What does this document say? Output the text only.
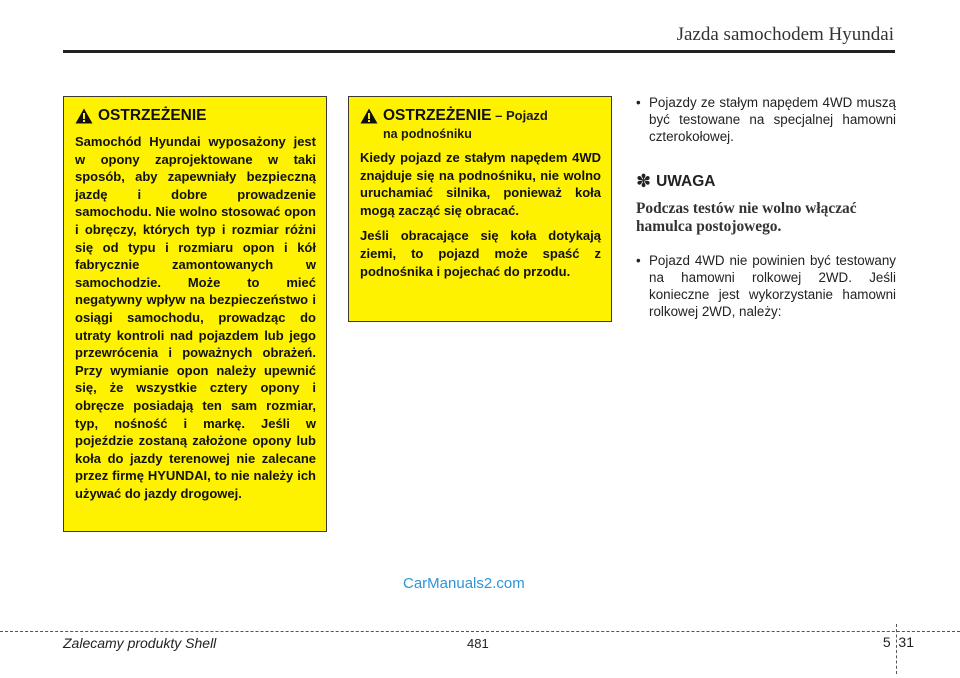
Jazda samochodem Hyundai
OSTRZEŻENIE

Samochód Hyundai wyposażony jest w opony zaprojektowane w taki sposób, aby zapewniały bezpieczną jazdę i dobre prowadzenie samochodu. Nie wolno stosować opon i obręczy, których typ i rozmiar różni się od typu i rozmiaru opon i kół fabrycznie zamontowanych w samochodzie. Może to mieć negatywny wpływ na bezpieczeństwo i osiągi samochodu, prowadząc do utraty kontroli nad pojazdem lub jego przewrócenia i poważnych obrażeń. Przy wymianie opon należy upewnić się, że wszystkie cztery opony i obręcze posiadają ten sam rozmiar, typ, nośność i markę. Jeśli w pojeździe zostaną założone opony lub koła do jazdy terenowej nie zalecane przez firmę HYUNDAI, to nie należy ich używać do jazdy drogowej.

OSTRZEŻENIE – Pojazd
na podnośniku

Kiedy pojazd ze stałym napędem 4WD znajduje się na podnośniku, nie wolno uruchamiać silnika, ponieważ koła mogą zacząć się obracać.

Jeśli obracające się koła dotykają ziemi, to pojazd może spaść z podnośnika i pojechać do przodu.

• Pojazdy ze stałym napędem 4WD muszą być testowane na specjalnej hamowni czterokołowej.

✽ UWAGA
Podczas testów nie wolno włączać hamulca postojowego.

• Pojazd 4WD nie powinien być testowany na hamowni rolkowej 2WD. Jeśli konieczne jest wykorzystanie hamowni rolkowej 2WD, należy:

CarManuals2.com
Zalecamy produkty Shell	481	5  31
